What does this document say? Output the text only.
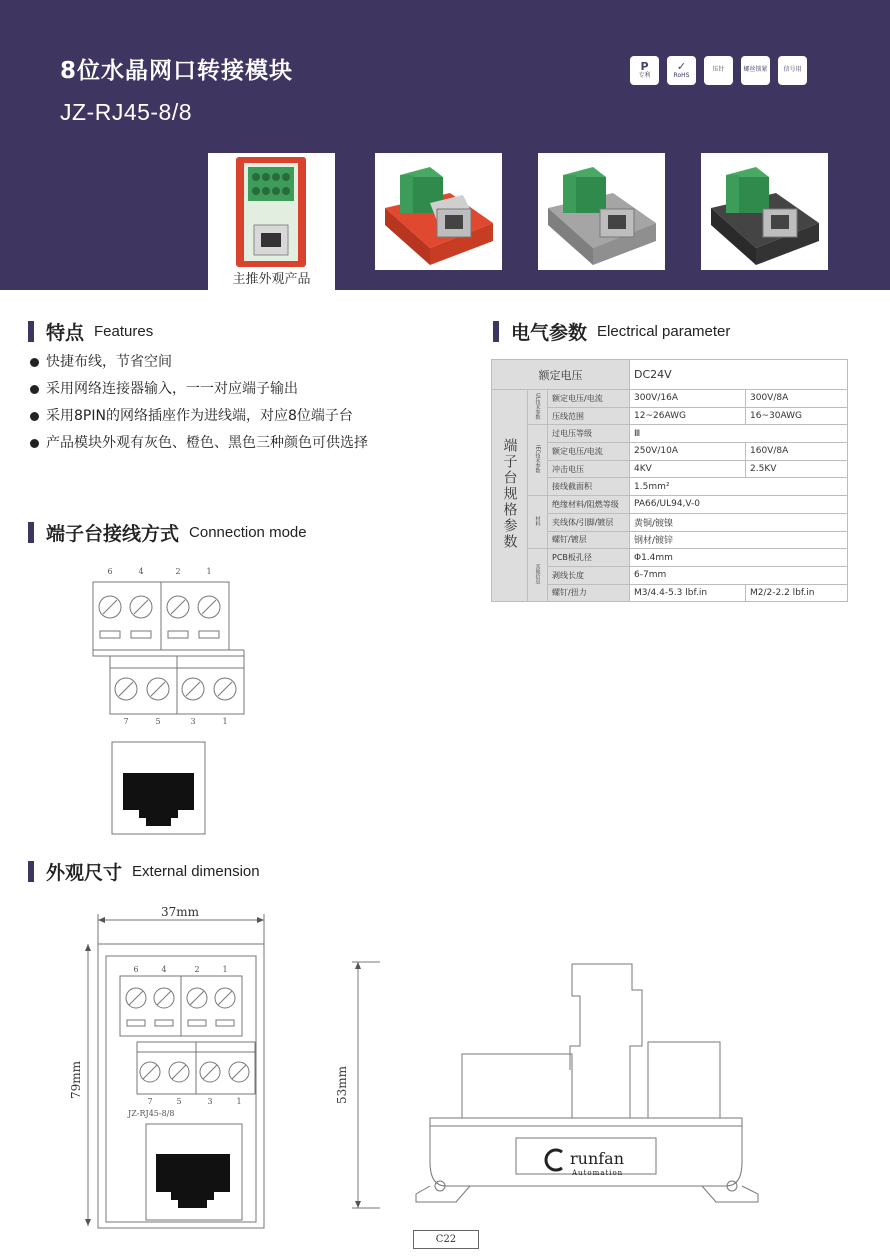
8位水晶网口转接模块
JZ-RJ45-8/8
P
专利
✓
RoHS
压针	螺丝锁紧	信号用
主推外观产品
特点 Features
快捷布线，节省空间
采用网络连接器输入，一一对应端子输出
采用8PIN的网络插座作为进线端，对应8位端子台
产品模块外观有灰色、橙色、黑色三种颜色可供选择
电气参数 Electrical parameter
额定电压			DC24V	
端子台规格参数	UL技术参数	额定电压/电流	300V/16A	300V/8A
		压线范围	12~26AWG	16~30AWG
	IEC技术参数	过电压等级	Ⅲ	
		额定电压/电流	250V/10A	160V/8A
		冲击电压	4KV	2.5KV
		接线截面积	1.5mm²	
	材料	绝缘材料/阻燃等级	PA66/UL94,V-0	
		夹线体/引脚/镀层	黄铜/镀镍	
		螺钉/镀层	钢材/镀锌	
	其他信息	PCB板孔径	Φ1.4mm	
		剥线长度	6-7mm	
		螺钉/扭力	M3/4.4-5.3 lbf.in	M2/2-2.2 lbf.in
端子台接线方式 Connection mode
6	4	2	1
7	5	3	1
外观尺寸 External dimension
6	4	2	1
7	5	3	1
JZ-RJ45-8/8
37mm
79mm	53mm
runfan
Automation
C22
